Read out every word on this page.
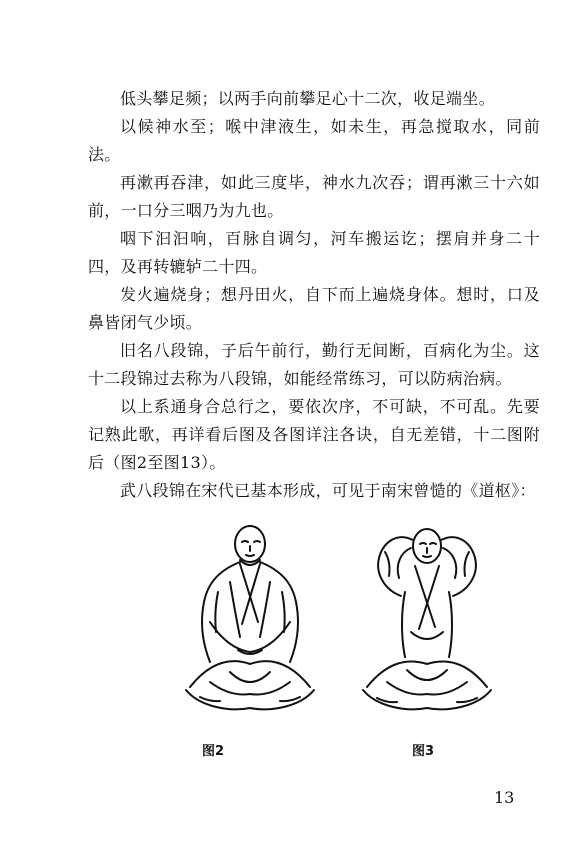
低头攀足频；以两手向前攀足心十二次，收足端坐。

以候神水至；喉中津液生，如未生，再急搅取水，同前法。

再漱再吞津，如此三度毕，神水九次吞；谓再漱三十六如前，一口分三咽乃为九也。

咽下汩汩响，百脉自调匀，河车搬运讫；摆肩并身二十四，及再转辘轳二十四。

发火遍烧身；想丹田火，自下而上遍烧身体。想时，口及鼻皆闭气少顷。

旧名八段锦，子后午前行，勤行无间断，百病化为尘。这十二段锦过去称为八段锦，如能经常练习，可以防病治病。

以上系通身合总行之，要依次序，不可缺，不可乱。先要记熟此歌，再详看后图及各图详注各诀，自无差错，十二图附后（图2至图13）。

武八段锦在宋代已基本形成，可见于南宋曾慥的《道枢》：

图2	图3
13
